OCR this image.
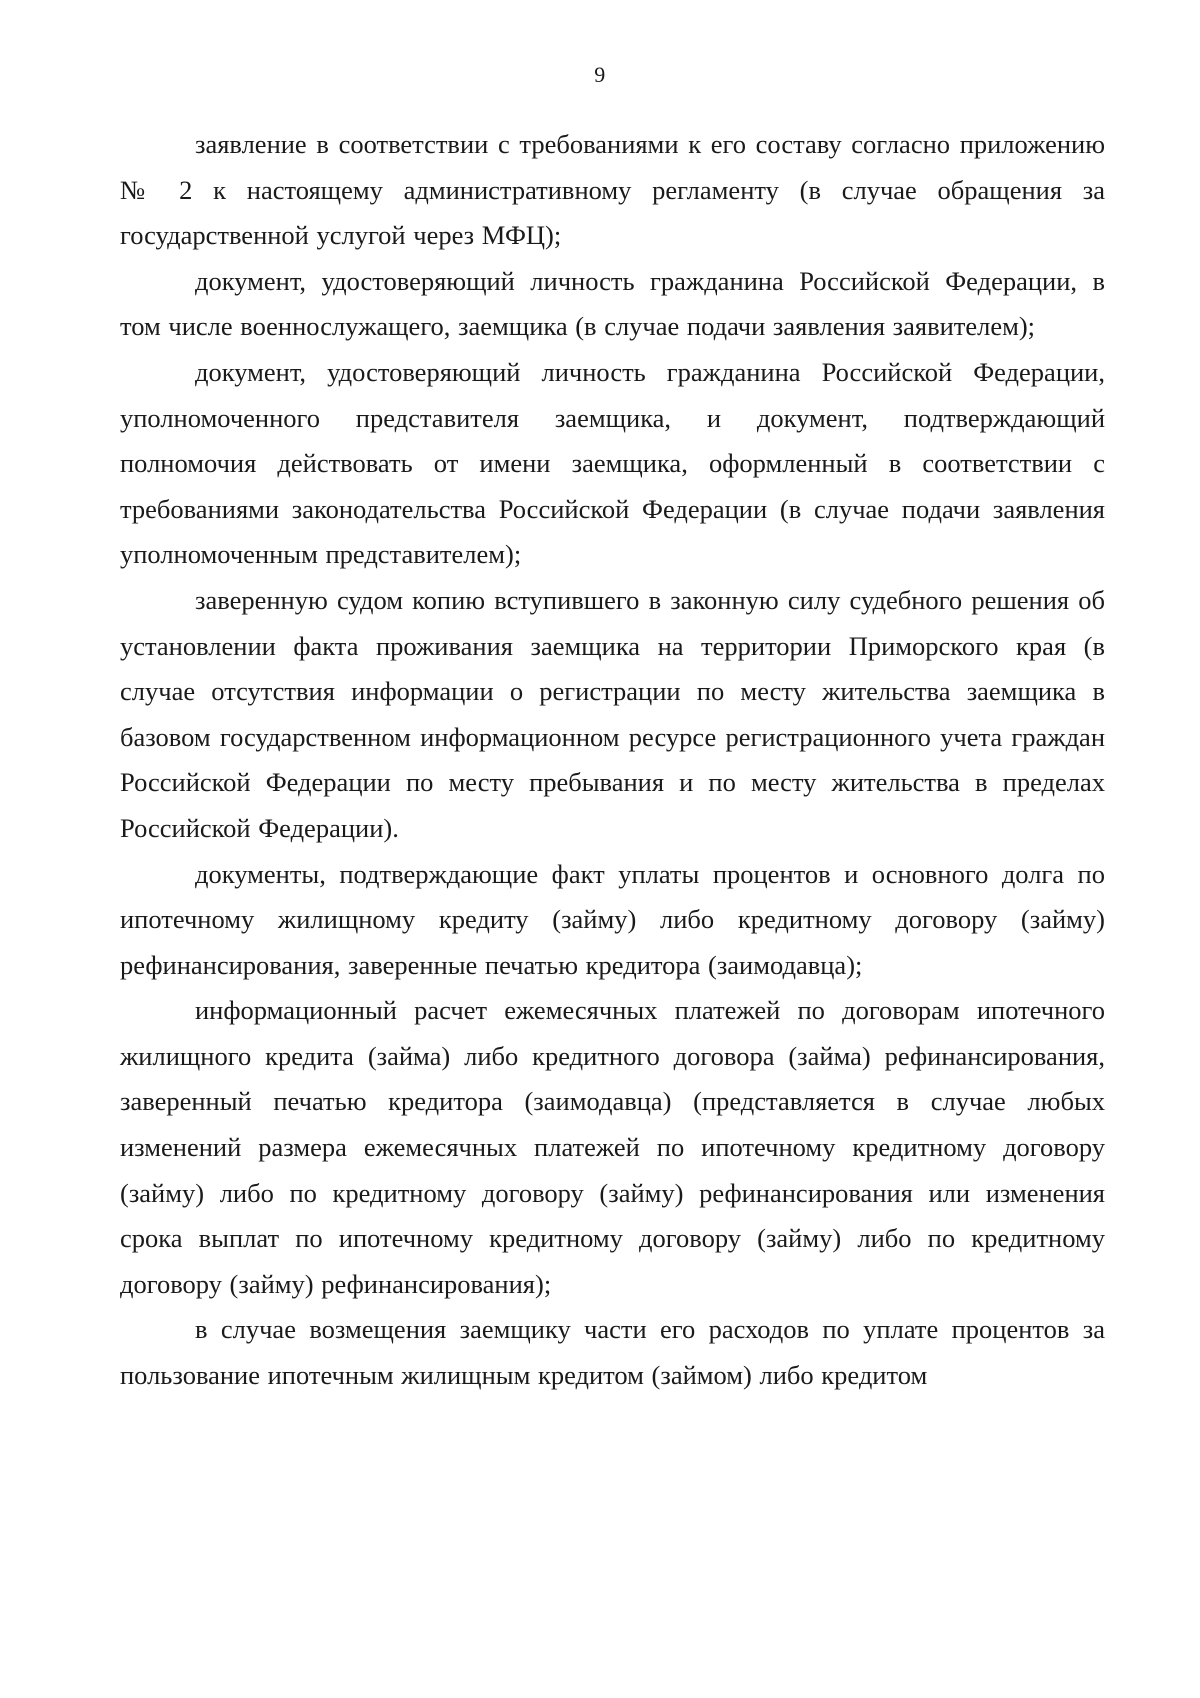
9

заявление в соответствии с требованиями к его составу согласно приложению № 2 к настоящему административному регламенту (в случае обращения за государственной услугой через МФЦ);

документ, удостоверяющий личность гражданина Российской Федерации, в том числе военнослужащего, заемщика (в случае подачи заявления заявителем);

документ, удостоверяющий личность гражданина Российской Федерации, уполномоченного представителя заемщика, и документ, подтверждающий полномочия действовать от имени заемщика, оформленный в соответствии с требованиями законодательства Российской Федерации (в случае подачи заявления уполномоченным представителем);

заверенную судом копию вступившего в законную силу судебного решения об установлении факта проживания заемщика на территории Приморского края (в случае отсутствия информации о регистрации по месту жительства заемщика в базовом государственном информационном ресурсе регистрационного учета граждан Российской Федерации по месту пребывания и по месту жительства в пределах Российской Федерации).

документы, подтверждающие факт уплаты процентов и основного долга по ипотечному жилищному кредиту (займу) либо кредитному договору (займу) рефинансирования, заверенные печатью кредитора (заимодавца);

информационный расчет ежемесячных платежей по договорам ипотечного жилищного кредита (займа) либо кредитного договора (займа) рефинансирования, заверенный печатью кредитора (заимодавца) (представляется в случае любых изменений размера ежемесячных платежей по ипотечному кредитному договору (займу) либо по кредитному договору (займу) рефинансирования или изменения срока выплат по ипотечному кредитному договору (займу) либо по кредитному договору (займу) рефинансирования);

в случае возмещения заемщику части его расходов по уплате процентов за пользование ипотечным жилищным кредитом (займом) либо кредитом
